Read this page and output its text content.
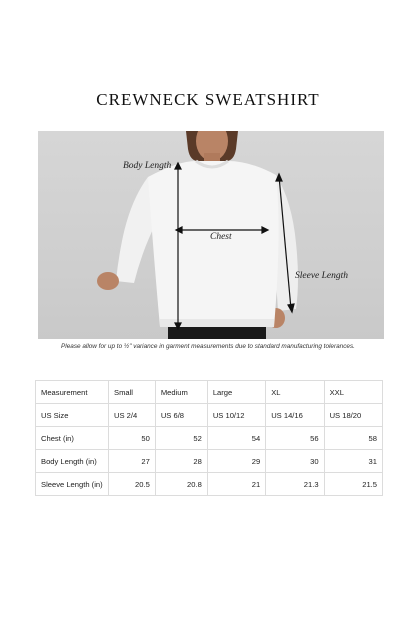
CREWNECK SWEATSHIRT
Body Length
Chest
Sleeve Length
Please allow for up to ½" variance in garment measurements due to standard manufacturing tolerances.
Measurement	Small	Medium	Large	XL	XXL
US Size	US 2/4	US 6/8	US 10/12	US 14/16	US 18/20
Chest (in)	50	52	54	56	58
Body Length (in)	27	28	29	30	31
Sleeve Length (in)	20.5	20.8	21	21.3	21.5
